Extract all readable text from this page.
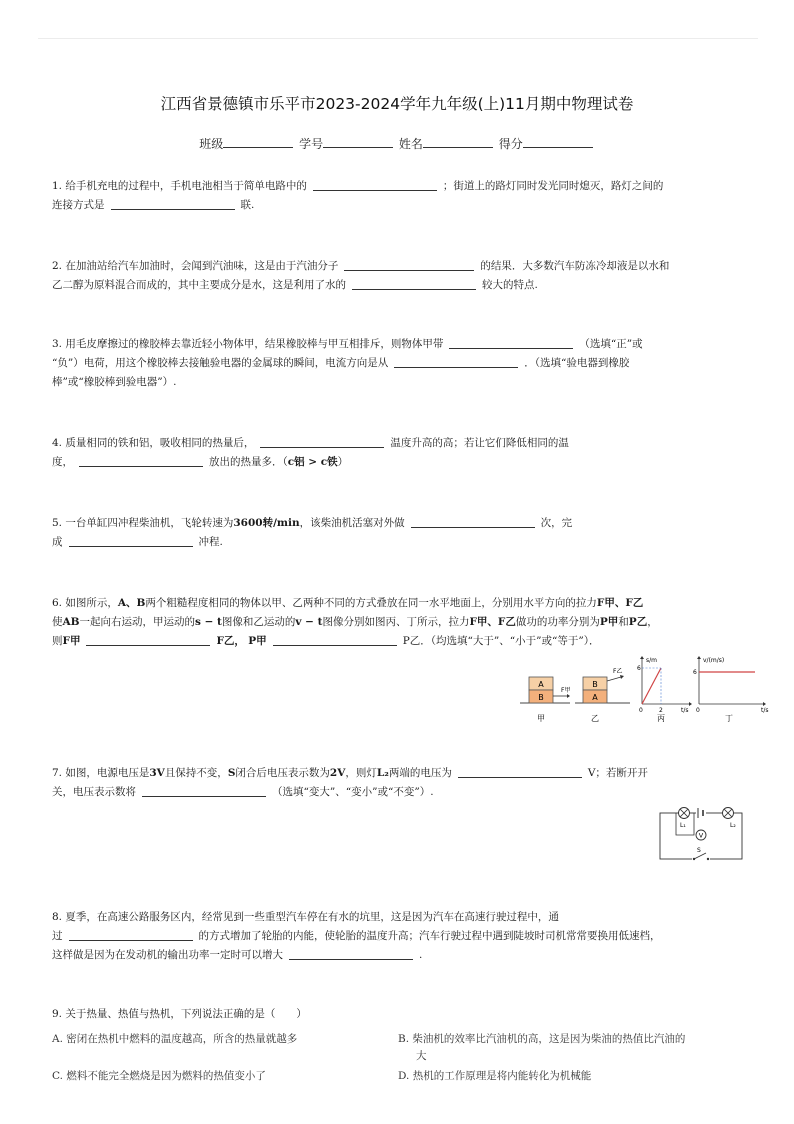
江西省景德镇市乐平市2023-2024学年九年级(上)11月期中物理试卷
班级	学号	姓名	得分
1. 给手机充电的过程中，手机电池相当于简单电路中的	；街道上的路灯同时发光同时熄灭，路灯之间的
连接方式是	联.
2. 在加油站给汽车加油时，会闻到汽油味，这是由于汽油分子	的结果．大多数汽车防冻冷却液是以水和
乙二醇为原料混合而成的，其中主要成分是水，这是利用了水的	较大的特点.
3. 用毛皮摩擦过的橡胶棒去靠近轻小物体甲，结果橡胶棒与甲互相排斥，则物体甲带	（选填“正”或
“负”）电荷，用这个橡胶棒去接触验电器的金属球的瞬间，电流方向是从	．（选填“验电器到橡胶
棒”或“橡胶棒到验电器”）.
4. 质量相同的铁和铝，吸收相同的热量后，	温度升高的高；若让它们降低相同的温
度，	放出的热量多．（c铝 > c铁）
5. 一台单缸四冲程柴油机，飞轮转速为3600转/min，该柴油机活塞对外做	次，完
成	冲程.
6. 如图所示，A、B两个粗糙程度相同的物体以甲、乙两种不同的方式叠放在同一水平地面上，分别用水平方向的拉力F甲、F乙
使AB一起向右运动，甲运动的s − t图像和乙运动的v − t图像分别如图丙、丁所示，拉力F甲、F乙做功的功率分别为P甲和P乙，
则F甲	F乙， P甲	P乙．（均选填“大于”、“小于”或“等于”）．
A
B
F甲
甲
B
A
F乙
乙
s/m
6
0	2	t/s
丙
v/(m/s)
6
0	t/s
丁
7. 如图，电源电压是3V且保持不变，S闭合后电压表示数为2V，则灯L₂两端的电压为	V；若断开开
关，电压表示数将	（选填“变大”、“变小”或“不变”）.
L₁	L₂
V
S
8. 夏季，在高速公路服务区内，经常见到一些重型汽车停在有水的坑里，这是因为汽车在高速行驶过程中，通
过	的方式增加了轮胎的内能，使轮胎的温度升高；汽车行驶过程中遇到陡坡时司机常常要换用低速档，
这样做是因为在发动机的输出功率一定时可以增大	.
9. 关于热量、热值与热机，下列说法正确的是（　　）
A. 密闭在热机中燃料的温度越高，所含的热量就越多	B. 柴油机的效率比汽油机的高，这是因为柴油的热值比汽油的
大
C. 燃料不能完全燃烧是因为燃料的热值变小了	D. 热机的工作原理是将内能转化为机械能
